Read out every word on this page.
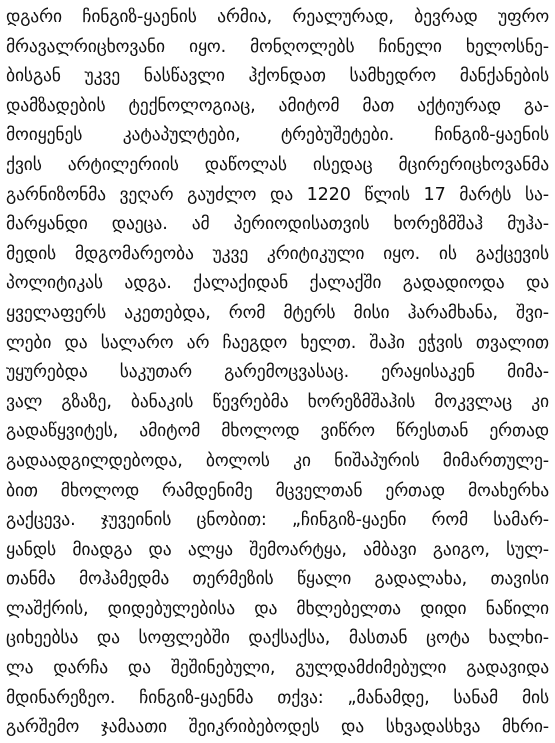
დგარი ჩინგიზ-ყაენის არმია, რეალურად, ბევრად უფრო
მრავალრიცხოვანი იყო. მონღოლებს ჩინელი ხელოსნე-
ბისგან უკვე ნასწავლი ჰქონდათ სამხედრო მანქანების
დამზადების ტექნოლოგიაც, ამიტომ მათ აქტიურად გა-
მოიყენეს კატაპულტები, ტრებუშეტები. ჩინგიზ-ყაენის
ქვის არტილერიის დაწოლას ისედაც მცირერიცხოვანმა
გარნიზონმა ვეღარ გაუძლო და 1220 წლის 17 მარტს სა-
მარყანდი დაეცა. ამ პერიოდისათვის ხორეზმშაჰ მუჰა-
მედის მდგომარეობა უკვე კრიტიკული იყო. ის გაქცევის
პოლიტიკას ადგა. ქალაქიდან ქალაქში გადადიოდა და
ყველაფერს აკეთებდა, რომ მტერს მისი ჰარამხანა, შვი-
ლები და სალარო არ ჩაეგდო ხელთ. შაჰი ეჭვის თვალით
უყურებდა საკუთარ გარემოცვასაც. ერაყისაკენ მიმა-
ვალ გზაზე, ბანაკის წევრებმა ხორეზმშაჰის მოკვლაც კი
გადაწყვიტეს, ამიტომ მხოლოდ ვიწრო წრესთან ერთად
გადაადგილდებოდა, ბოლოს კი ნიშაპურის მიმართულე-
ბით მხოლოდ რამდენიმე მცველთან ერთად მოახერხა
გაქცევა. ჯუვეინის ცნობით: „ჩინგიზ-ყაენი რომ სამარ-
ყანდს მიადგა და ალყა შემოარტყა, ამბავი გაიგო, სულ-
თანმა მოჰამედმა თერმეზის წყალი გადალახა, თავისი
ლაშქრის, დიდებულებისა და მხლებელთა დიდი ნაწილი
ციხეებსა და სოფლებში დაქსაქსა, მასთან ცოტა ხალხი-
ლა დარჩა და შეშინებული, გულდამძიმებული გადავიდა
მდინარეზეო. ჩინგიზ-ყაენმა თქვა: „მანამდე, სანამ მის
გარშემო ჯამაათი შეიკრიბებოდეს და სხვადასხვა მხრი-
